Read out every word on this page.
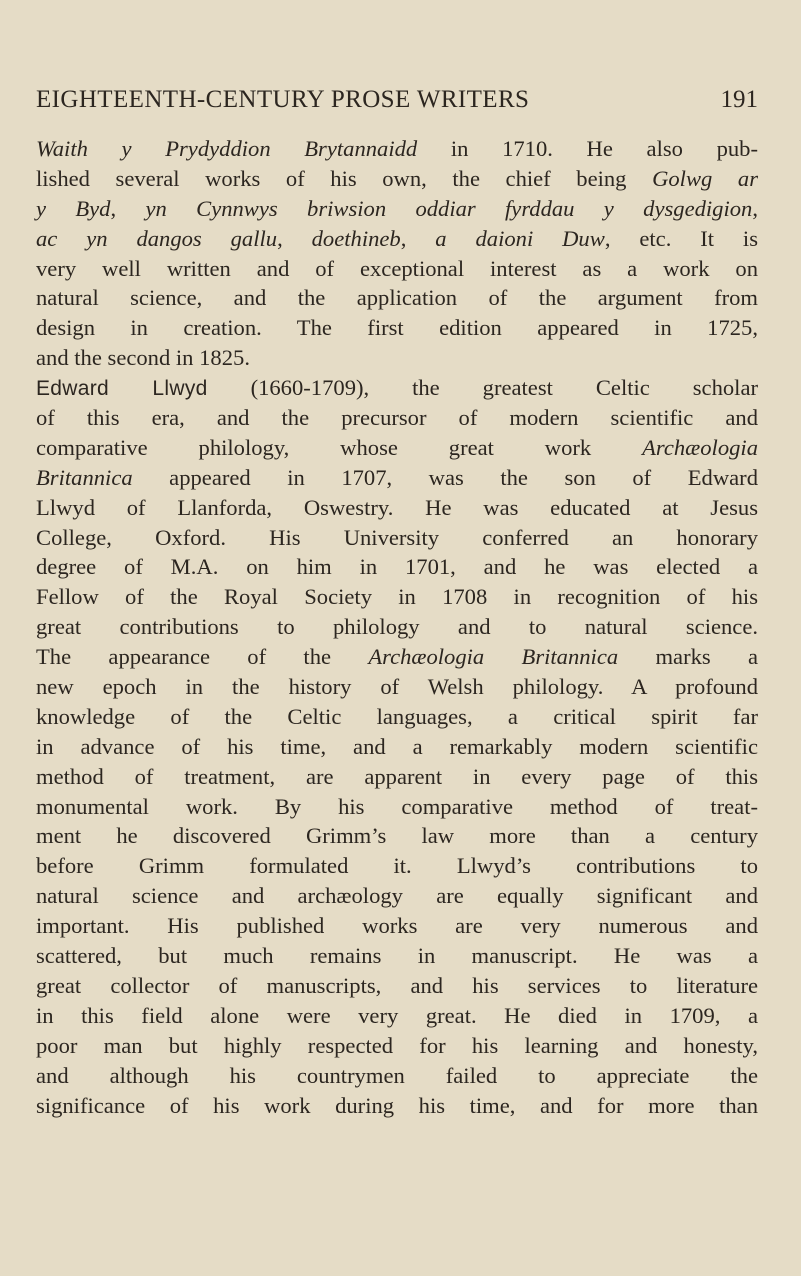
EIGHTEENTH-CENTURY PROSE WRITERS	191
Waith y Prydyddion Brytannaidd in 1710. He also pub-
lished several works of his own, the chief being Golwg ar
y Byd, yn Cynnwys briwsion oddiar fyrddau y dysgedigion,
ac yn dangos gallu, doethineb, a daioni Duw, etc. It is
very well written and of exceptional interest as a work on
natural science, and the application of the argument from
design in creation. The first edition appeared in 1725,
and the second in 1825.
Edward Llwyd (1660-1709), the greatest Celtic scholar
of this era, and the precursor of modern scientific and
comparative philology, whose great work Archæologia
Britannica appeared in 1707, was the son of Edward
Llwyd of Llanforda, Oswestry. He was educated at Jesus
College, Oxford. His University conferred an honorary
degree of M.A. on him in 1701, and he was elected a
Fellow of the Royal Society in 1708 in recognition of his
great contributions to philology and to natural science.
The appearance of the Archæologia Britannica marks a
new epoch in the history of Welsh philology. A profound
knowledge of the Celtic languages, a critical spirit far
in advance of his time, and a remarkably modern scientific
method of treatment, are apparent in every page of this
monumental work. By his comparative method of treat-
ment he discovered Grimm’s law more than a century
before Grimm formulated it. Llwyd’s contributions to
natural science and archæology are equally significant and
important. His published works are very numerous and
scattered, but much remains in manuscript. He was a
great collector of manuscripts, and his services to literature
in this field alone were very great. He died in 1709, a
poor man but highly respected for his learning and honesty,
and although his countrymen failed to appreciate the
significance of his work during his time, and for more than
